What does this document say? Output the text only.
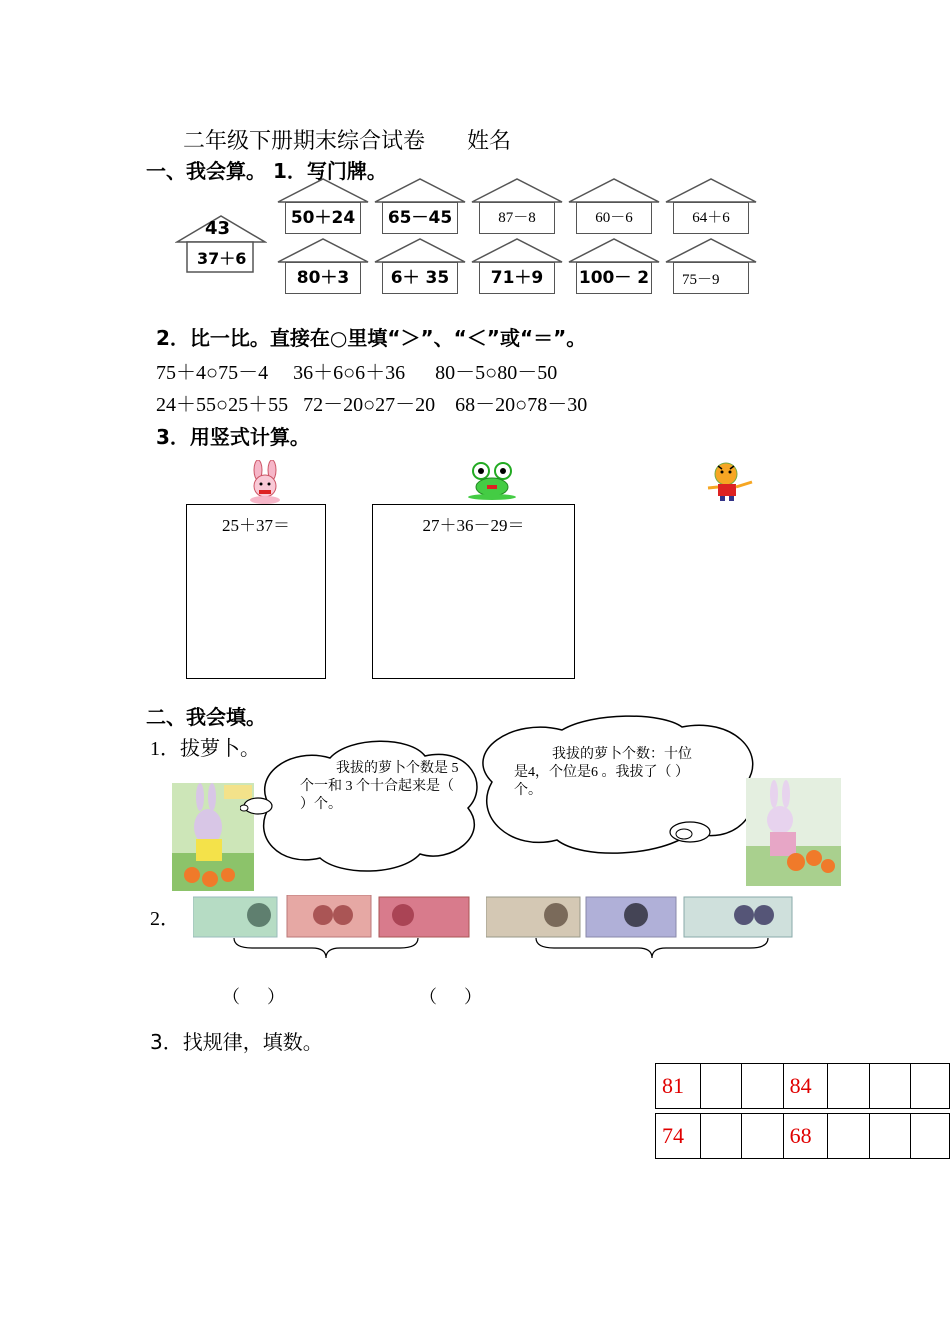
二年级下册期末综合试卷      姓名
一、我会算。 1．写门牌。
43
37＋6
50＋24	65－45	87－8	60－6	64＋6
80＋3	6＋ 35	71＋9	100－ 2	75－9
2．比一比。直接在○里填“＞”、“＜”或“＝”。
75＋4○75－4     36＋6○6＋36      80－5○80－50
24＋55○25＋55   72－20○27－20    68－20○78－30
3．用竖式计算。
25＋37＝	27＋36－29＝
二、我会填。
1．拔萝卜。
我拔的萝卜个数是 5 个一和 3 个十合起来是（ ）个。
我拔的萝卜个数：十位是4，个位是6 。我拔了（ ）个。
2．
（      ）	（      ）
3．找规律，填数。
81			84			
74			68			
